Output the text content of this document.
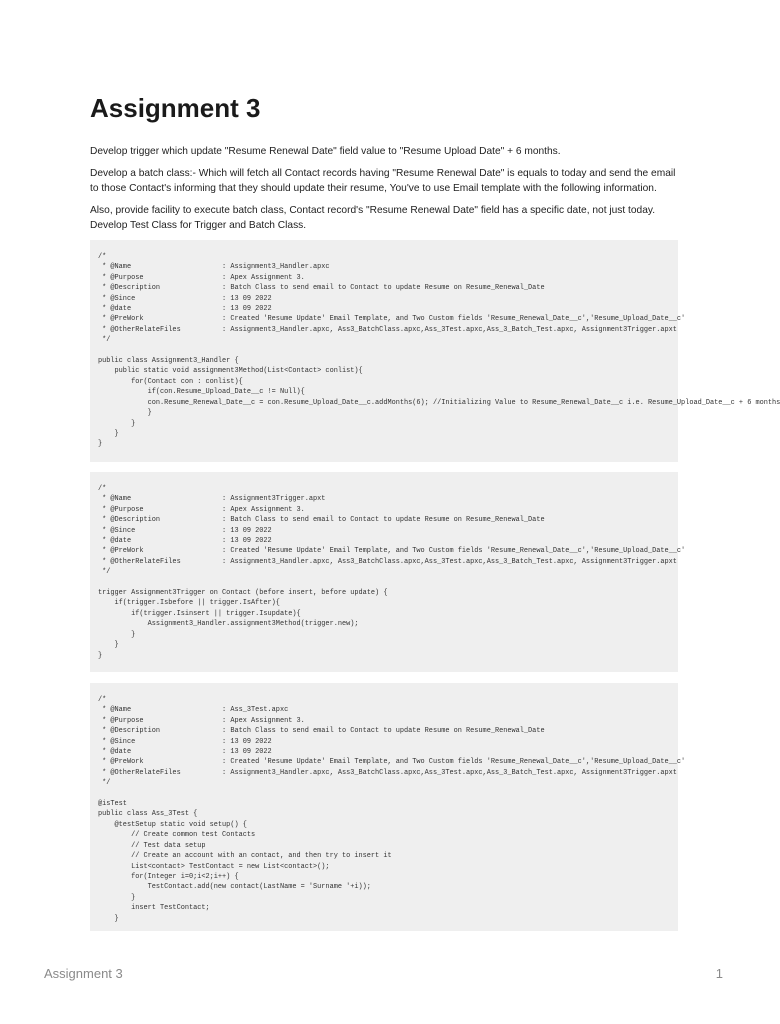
Assignment 3

Develop trigger which update "Resume Renewal Date" field value to "Resume Upload Date" + 6 months.

Develop a batch class:- Which will fetch all Contact records having "Resume Renewal Date" is equals to today and send the email to those Contact's informing that they should update their resume, You've to use Email template with the following information.

Also, provide facility to execute batch class, Contact record's "Resume Renewal Date" field has a specific date, not just today. Develop Test Class for Trigger and Batch Class.

/*
* @Name                      : Assignment3_Handler.apxc
* @Purpose                   : Apex Assignment 3.
* @Description               : Batch Class to send email to Contact to update Resume on Resume_Renewal_Date
* @Since                     : 13 09 2022
* @date                      : 13 09 2022
* @PreWork                   : Created 'Resume Update' Email Template, and Two Custom fields 'Resume_Renewal_Date__c','Resume_Upload_Date__c'
* @OtherRelateFiles          : Assignment3_Handler.apxc, Ass3_BatchClass.apxc,Ass_3Test.apxc,Ass_3_Batch_Test.apxc, Assignment3Trigger.apxt
*/

public class Assignment3_Handler {
public static void assignment3Method(List<Contact> conlist){
for(Contact con : conlist){
if(con.Resume_Upload_Date__c != Null){
con.Resume_Renewal_Date__c = con.Resume_Upload_Date__c.addMonths(6); //Initializing Value to Resume_Renewal_Date__c i.e. Resume_Upload_Date__c + 6 months
}
}
}
}
/*
* @Name                      : Assignment3Trigger.apxt
* @Purpose                   : Apex Assignment 3.
* @Description               : Batch Class to send email to Contact to update Resume on Resume_Renewal_Date
* @Since                     : 13 09 2022
* @date                      : 13 09 2022
* @PreWork                   : Created 'Resume Update' Email Template, and Two Custom fields 'Resume_Renewal_Date__c','Resume_Upload_Date__c'
* @OtherRelateFiles          : Assignment3_Handler.apxc, Ass3_BatchClass.apxc,Ass_3Test.apxc,Ass_3_Batch_Test.apxc, Assignment3Trigger.apxt
*/

trigger Assignment3Trigger on Contact (before insert, before update) {
if(trigger.Isbefore || trigger.IsAfter){
if(trigger.Isinsert || trigger.Isupdate){
Assignment3_Handler.assignment3Method(trigger.new);
}
}
}
/*
* @Name                      : Ass_3Test.apxc
* @Purpose                   : Apex Assignment 3.
* @Description               : Batch Class to send email to Contact to update Resume on Resume_Renewal_Date
* @Since                     : 13 09 2022
* @date                      : 13 09 2022
* @PreWork                   : Created 'Resume Update' Email Template, and Two Custom fields 'Resume_Renewal_Date__c','Resume_Upload_Date__c'
* @OtherRelateFiles          : Assignment3_Handler.apxc, Ass3_BatchClass.apxc,Ass_3Test.apxc,Ass_3_Batch_Test.apxc, Assignment3Trigger.apxt
*/

@isTest
public class Ass_3Test {
@testSetup static void setup() {
// Create common test Contacts
// Test data setup
// Create an account with an contact, and then try to insert it
List<contact> TestContact = new List<contact>();
for(Integer i=0;i<2;i++) {
TestContact.add(new contact(LastName = 'Surname '+i));
}
insert TestContact;
}
Assignment 3	1
